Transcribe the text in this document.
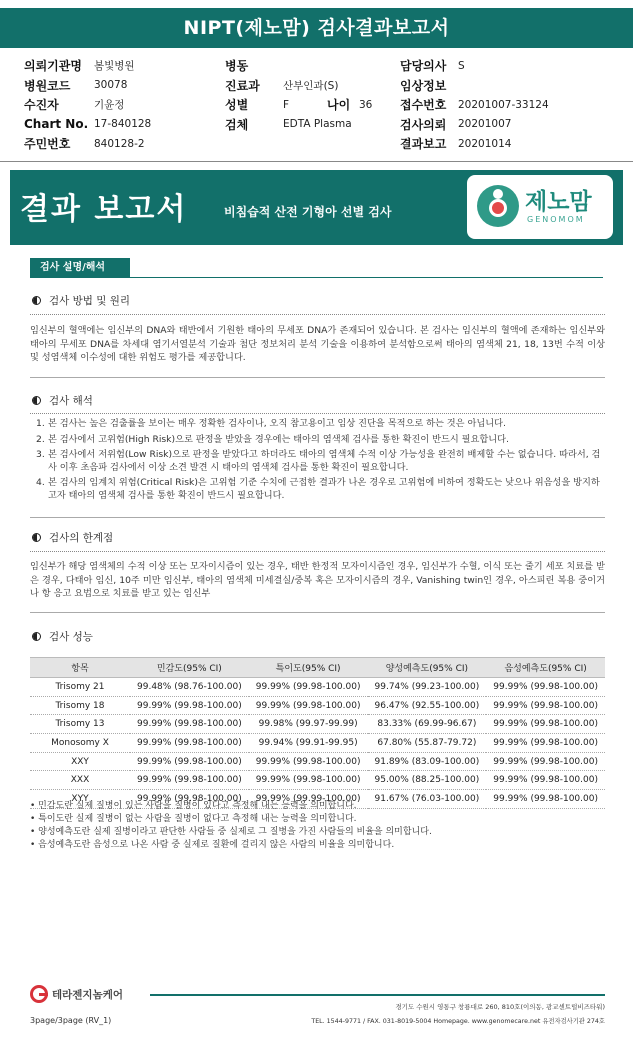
NIPT(제노맘) 검사결과보고서
의뢰기관명	봄빛병원
병원코드	30078
수진자	기윤정
Chart No. 17-840128
주민번호	840128-2
병동
진료과	산부인과(S)
성별	F	나이 36
검체	EDTA Plasma
담당의사	S
임상정보
접수번호	20201007-33124
검사의뢰	20201007
결과보고	20201014
결과 보고서	비침습적 산전 기형아 선별 검사	제노맘
GENOMOM
검사 설명/해석
검사 방법 및 원리
임신부의 혈액에는 임신부의 DNA와 태반에서 기원한 태아의 무세포 DNA가 존재되어 있습니다. 본 검사는 임신부의 혈액에 존재하는 임신부와 태아의 무세포 DNA를 차세대 염기서열분석 기술과 첨단 정보처리 분석 기술을 이용하여 분석함으로써 태아의 염색체 21, 18, 13번 수적 이상 및 성염색체 이수성에 대한 위험도 평가를 제공합니다.
검사 해석
1. 본 검사는 높은 검출률을 보이는 매우 정확한 검사이나, 오직 참고용이고 임상 진단을 목적으로 하는 것은 아닙니다.
2. 본 검사에서 고위험(High Risk)으로 판정을 받았을 경우에는 태아의 염색체 검사를 통한 확진이 반드시 필요합니다.
3. 본 검사에서 저위험(Low Risk)으로 판정을 받았다고 하더라도 태아의 염색체 수적 이상 가능성을 완전히 배제할 수는 없습니다. 따라서, 검사 이후 초음파 검사에서 이상 소견 발견 시 태아의 염색체 검사를 통한 확진이 필요합니다.
4. 본 검사의 임계치 위험(Critical Risk)은 고위험 기준 수치에 근접한 결과가 나온 경우로 고위험에 비하여 정확도는 낮으나 위음성을 방지하고자 태아의 염색체 검사를 통한 확진이 반드시 필요합니다.
검사의 한계점
임신부가 해당 염색체의 수적 이상 또는 모자이시즘이 있는 경우, 태반 한정적 모자이시즘인 경우, 임신부가 수혈, 이식 또는 줄기 세포 치료를 받은 경우, 다태아 임신, 10주 미만 임신부, 태아의 염색체 미세결실/중복 혹은 모자이시즘의 경우, Vanishing twin인 경우, 아스피린 복용 중이거나 항 응고 요법으로 치료를 받고 있는 임신부
검사 성능
항목	민감도(95% CI)	특이도(95% CI)	양성예측도(95% CI)	음성예측도(95% CI)
Trisomy 21	99.48% (98.76-100.00)	99.99% (99.98-100.00)	99.74% (99.23-100.00)	99.99% (99.98-100.00)
Trisomy 18	99.99% (99.98-100.00)	99.99% (99.98-100.00)	96.47% (92.55-100.00)	99.99% (99.98-100.00)
Trisomy 13	99.99% (99.98-100.00)	99.98% (99.97-99.99)	83.33% (69.99-96.67)	99.99% (99.98-100.00)
Monosomy X	99.99% (99.98-100.00)	99.94% (99.91-99.95)	67.80% (55.87-79.72)	99.99% (99.98-100.00)
XXY	99.99% (99.98-100.00)	99.99% (99.98-100.00)	91.89% (83.09-100.00)	99.99% (99.98-100.00)
XXX	99.99% (99.98-100.00)	99.99% (99.98-100.00)	95.00% (88.25-100.00)	99.99% (99.98-100.00)
XYY	99.99% (99.98-100.00)	99.99% (99.99-100.00)	91.67% (76.03-100.00)	99.99% (99.98-100.00)
• 민감도란 실제 질병이 있는 사람을 질병이 있다고 측정해 내는 능력을 의미합니다.
• 특이도란 실제 질병이 없는 사람을 질병이 없다고 측정해 내는 능력을 의미합니다.
• 양성예측도란 실제 질병이라고 판단한 사람들 중 실제로 그 질병을 가진 사람들의 비율을 의미합니다.
• 음성예측도란 음성으로 나온 사람 중 실제로 질환에 걸리지 않은 사람의 비율을 의미합니다.
테라젠지놈케어
경기도 수원시 영통구 창룡대로 260, 810호(이의동, 광교센트럴비즈타워)
3page/3page (RV_1)	TEL. 1544-9771 / FAX. 031-8019-5004 Homepage. www.genomecare.net 유전자검사기관 274호
